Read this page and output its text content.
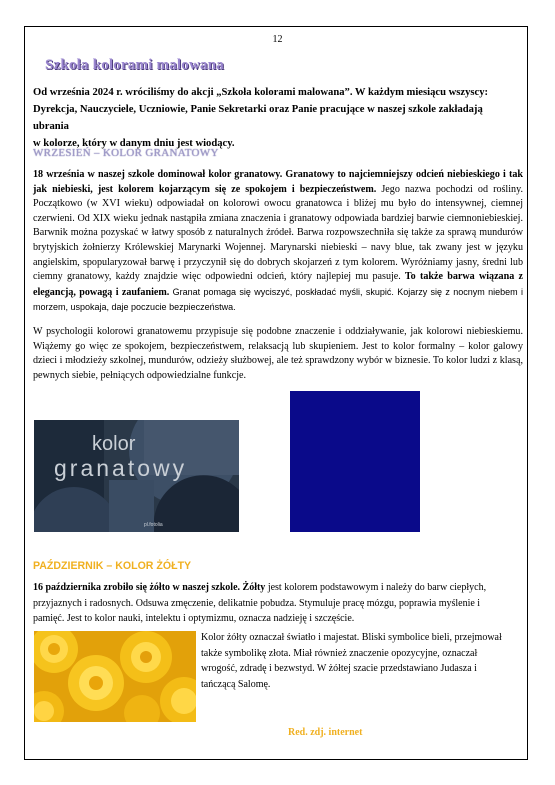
12
Szkoła kolorami malowana
Od września 2024 r. wróciliśmy do akcji „Szkoła kolorami malowana”. W każdym miesiącu wszyscy:
Dyrekcja, Nauczyciele, Uczniowie, Panie Sekretarki oraz Panie pracujące w naszej szkole zakładają ubrania
w kolorze, który w danym dniu jest wiodący.
WRZESIEŃ – KOLOR GRANATOWY
18 września w naszej szkole dominował kolor granatowy. Granatowy to najciemniejszy odcień niebieskiego i tak jak niebieski, jest kolorem kojarzącym się ze spokojem i bezpieczeństwem. Jego nazwa pochodzi od rośliny. Początkowo (w XVI wieku) odpowiadał on kolorowi owocu granatowca i bliżej mu było do intensywnej, ciemnej czerwieni. Od XIX wieku jednak nastąpiła zmiana znaczenia i granatowy odpowiada bardziej barwie ciemnoniebieskiej. Barwnik można pozyskać w łatwy sposób z naturalnych źródeł. Barwa rozpowszechniła się także za sprawą mundurów brytyjskich żołnierzy Królewskiej Marynarki Wojennej. Marynarski niebieski – navy blue, tak zwany jest w języku angielskim, spopularyzował barwę i przyczynił się do dobrych skojarzeń z tym kolorem. Wyróżniamy jasny, średni lub ciemny granatowy, każdy znajdzie więc odpowiedni odcień, który najlepiej mu pasuje. To także barwa wiązana z elegancją, powagą i zaufaniem. Granat pomaga się wyciszyć, poskładać myśli, skupić. Kojarzy się z nocnym niebem i morzem, uspokaja, daje poczucie bezpieczeństwa.
W psychologii kolorowi granatowemu przypisuje się podobne znaczenie i oddziaływanie, jak kolorowi niebieskiemu. Wiążemy go więc ze spokojem, bezpieczeństwem, relaksacją lub skupieniem. Jest to kolor formalny – kolor galowy dzieci i młodzieży szkolnej, mundurów, odzieży służbowej, ale też sprawdzony wybór w biznesie. To kolor ludzi z klasą, pewnych siebie, pełniących odpowiedzialne funkcje.
kolor
granatowy
pl.fotolia
PAŹDZIERNIK – KOLOR ŻÓŁTY
16 października zrobiło się żółto w naszej szkole. Żółty jest kolorem podstawowym i należy do barw ciepłych, przyjaznych i radosnych. Odsuwa zmęczenie, delikatnie pobudza. Stymuluje pracę mózgu, poprawia myślenie i pamięć. Jest to kolor nauki, intelektu i optymizmu, oznacza nadzieję i szczęście.
Kolor żółty oznaczał światło i majestat. Bliski symbolice bieli, przejmował także symbolikę złota. Miał również znaczenie opozycyjne, oznaczał wrogość, zdradę i bezwstyd. W żółtej szacie przedstawiano Judasza i tańczącą Salomę.
Red. zdj. internet
